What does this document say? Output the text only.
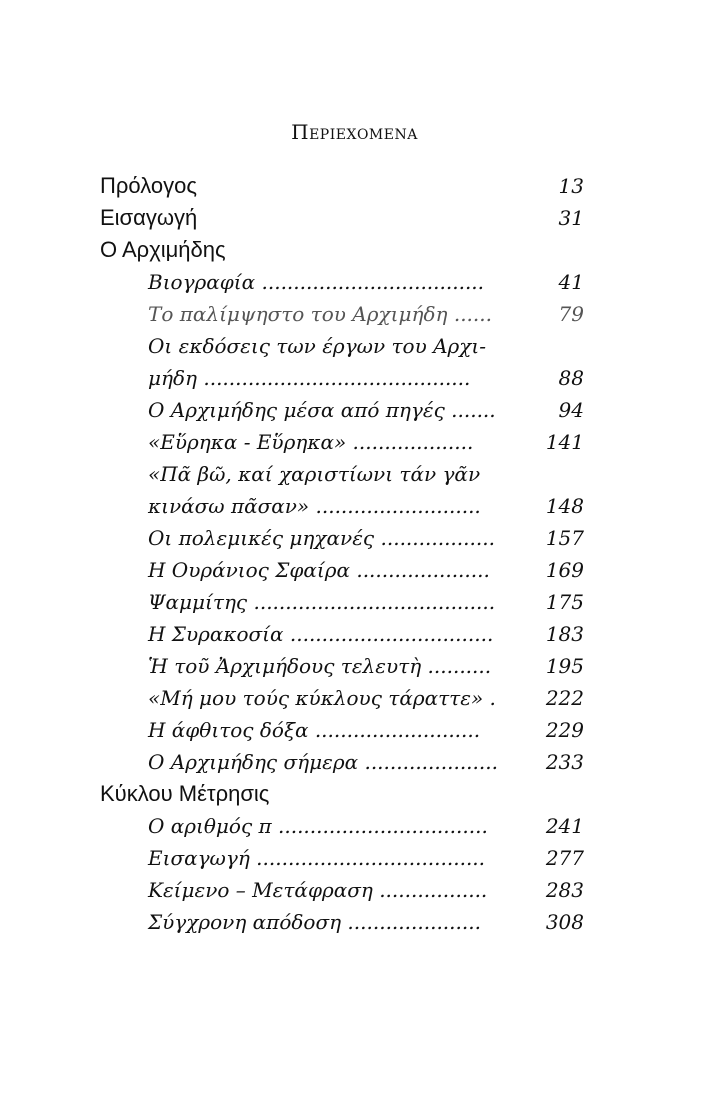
Περιεχομενα
Πρόλογος	13
Εισαγωγή	31
Ο Αρχιμήδης
Βιογραφία ...................................	41
Το παλίμψηστο του Αρχιμήδη ......	79
Οι εκδόσεις των έργων του Αρχι-
μήδη ..........................................	88
Ο Αρχιμήδης μέσα από πηγές .......	94
«Εὕρηκα - Εὕρηκα» ...................	141
«Πᾶ βῶ, καί χαριστίωνι τάν γᾶν
κινάσω πᾶσαν» ..........................	148
Οι πολεμικές μηχανές ..................	157
Η Ουράνιος Σφαίρα .....................	169
Ψαμμίτης ......................................	175
Η Συρακοσία ................................	183
Ἡ τοῦ Ἀρχιμήδους τελευτὴ ..........	195
«Μή μου τούς κύκλους τάραττε» . 222
Η άφθιτος δόξα ..........................	229
Ο Αρχιμήδης σήμερα ..................... 233
Κύκλου Μέτρησις
Ο αριθμός π .................................	241
Εισαγωγή ....................................	277
Κείμενο – Μετάφραση .................	283
Σύγχρονη απόδοση .....................	308
